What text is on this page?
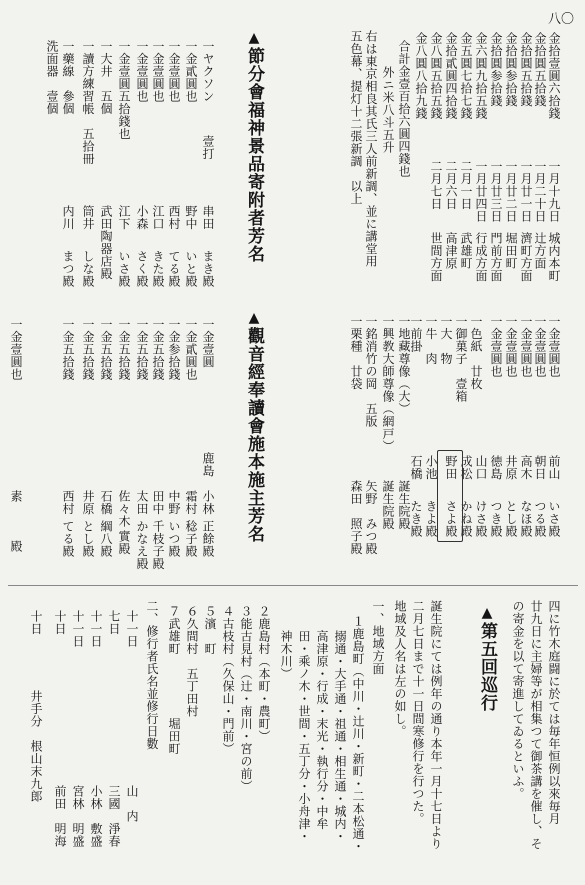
八〇
金拾壹圓六拾錢
金拾圓五拾錢
金拾圓五拾錢
金拾圓参拾錢
金拾圓参拾錢
金六圓九拾五錢
金五圓七拾七錢
金拾貳圓四拾錢
金八圓五拾五錢
金八圓八拾九錢
一月十九日
一月二十日
一月廿一日
一月廿二日
一月廿三日
一月廿四日
二月一日
二月六日
二月七日
城内本町
辻方面
濟町方面
堀田町
門前方面
行成方面
武雄町
高津原
世間方面
合計金壹百拾六圓四錢也
外ニ米八斗五升
右は東京相良其氏三人前新調、並に講堂用
五色幕、提灯十二張新調　以上
一金壹圓也
一金壹圓也
一金壹圓也
一金壹圓也
一金壹圓也
一色紙　廿枚
一御菓子　壹箱
一大　物
一牛　肉
一前掛
前山
いさ殿
朝日
つる殿
高木
なほ殿
井原
とし殿
徳島
つき殿
山口
けさ殿
成松
かね殿
野田
さよ殿
小池
きよ殿
石橋
たき殿
▲節分會福神景品寄附者芳名
一ヤクソン
壹打
一金貳圓也
一金壹圓也
一金壹圓也
一金壹圓也
一金壹圓五拾錢也
一大井　五個
一讀方練習帳　五拾冊
一藥線　參個
洗面器　壹個
串田
まき殿
野中
いと殿
西村
てる殿
江口
きた殿
小森
さく殿
江下
いさ殿
武田陶器店殿
筒井
しな殿
内川
まつ殿
▲觀音經奉讀會施本施主芳名	一地藏尊像（大）
一興教大師尊像（網戸）
一銘消竹の岡　五版
一栗種　廿袋
誕生院殿
誕生院殿
矢野　みつ殿
森田　照子殿
一金壹圓
鹿島
小林
正餘殿
一金貳圓也
霜村
稔子殿
一金参拾錢
中野
いつ殿
一金五拾錢
田中
千枝子殿
一金五拾錢
太田
かなえ殿
一金五拾錢
佐々木
實殿
一金五拾錢
石橋
綱八殿
一金五拾錢
井原
とし殿
一金五拾錢
西村
てる殿
一金壹圓也
素
殿
四に竹木庭闘に於ては毎年恒例以來毎月
廿九日に主婦等が相集つて御茶講を催し、そ
の寄金を以て寄進してゐるといふ。
▲第五回巡行
誕生院にては例年の通り本年一月十七日より
二月七日まで十一日間寒修行を行つた。
地域及人名は左の如し。
一、地域方面
１鹿島町（中川・辻川・新町・二本松通・
搦通・大手通・祖通・相生通・城内・
高津原・行成・末光・執行分・中牟
田・乘ノ木・世間・五丁分・小舟津・
神木川）
２鹿島村（本町・農町）
３能古見村（辻・南川・宮の前）
４古枝村（久保山・門前）
５濱　町
６久間村　五丁田村
７武雄町　　　　　堀田町
二、修行者氏名並修行日數
十一日
山　内
七日
三國　淨春
十一日
小林　敷盛
十一日
宮林　明盛
十日
前田　明海
十日
井手分　根山末九郎
